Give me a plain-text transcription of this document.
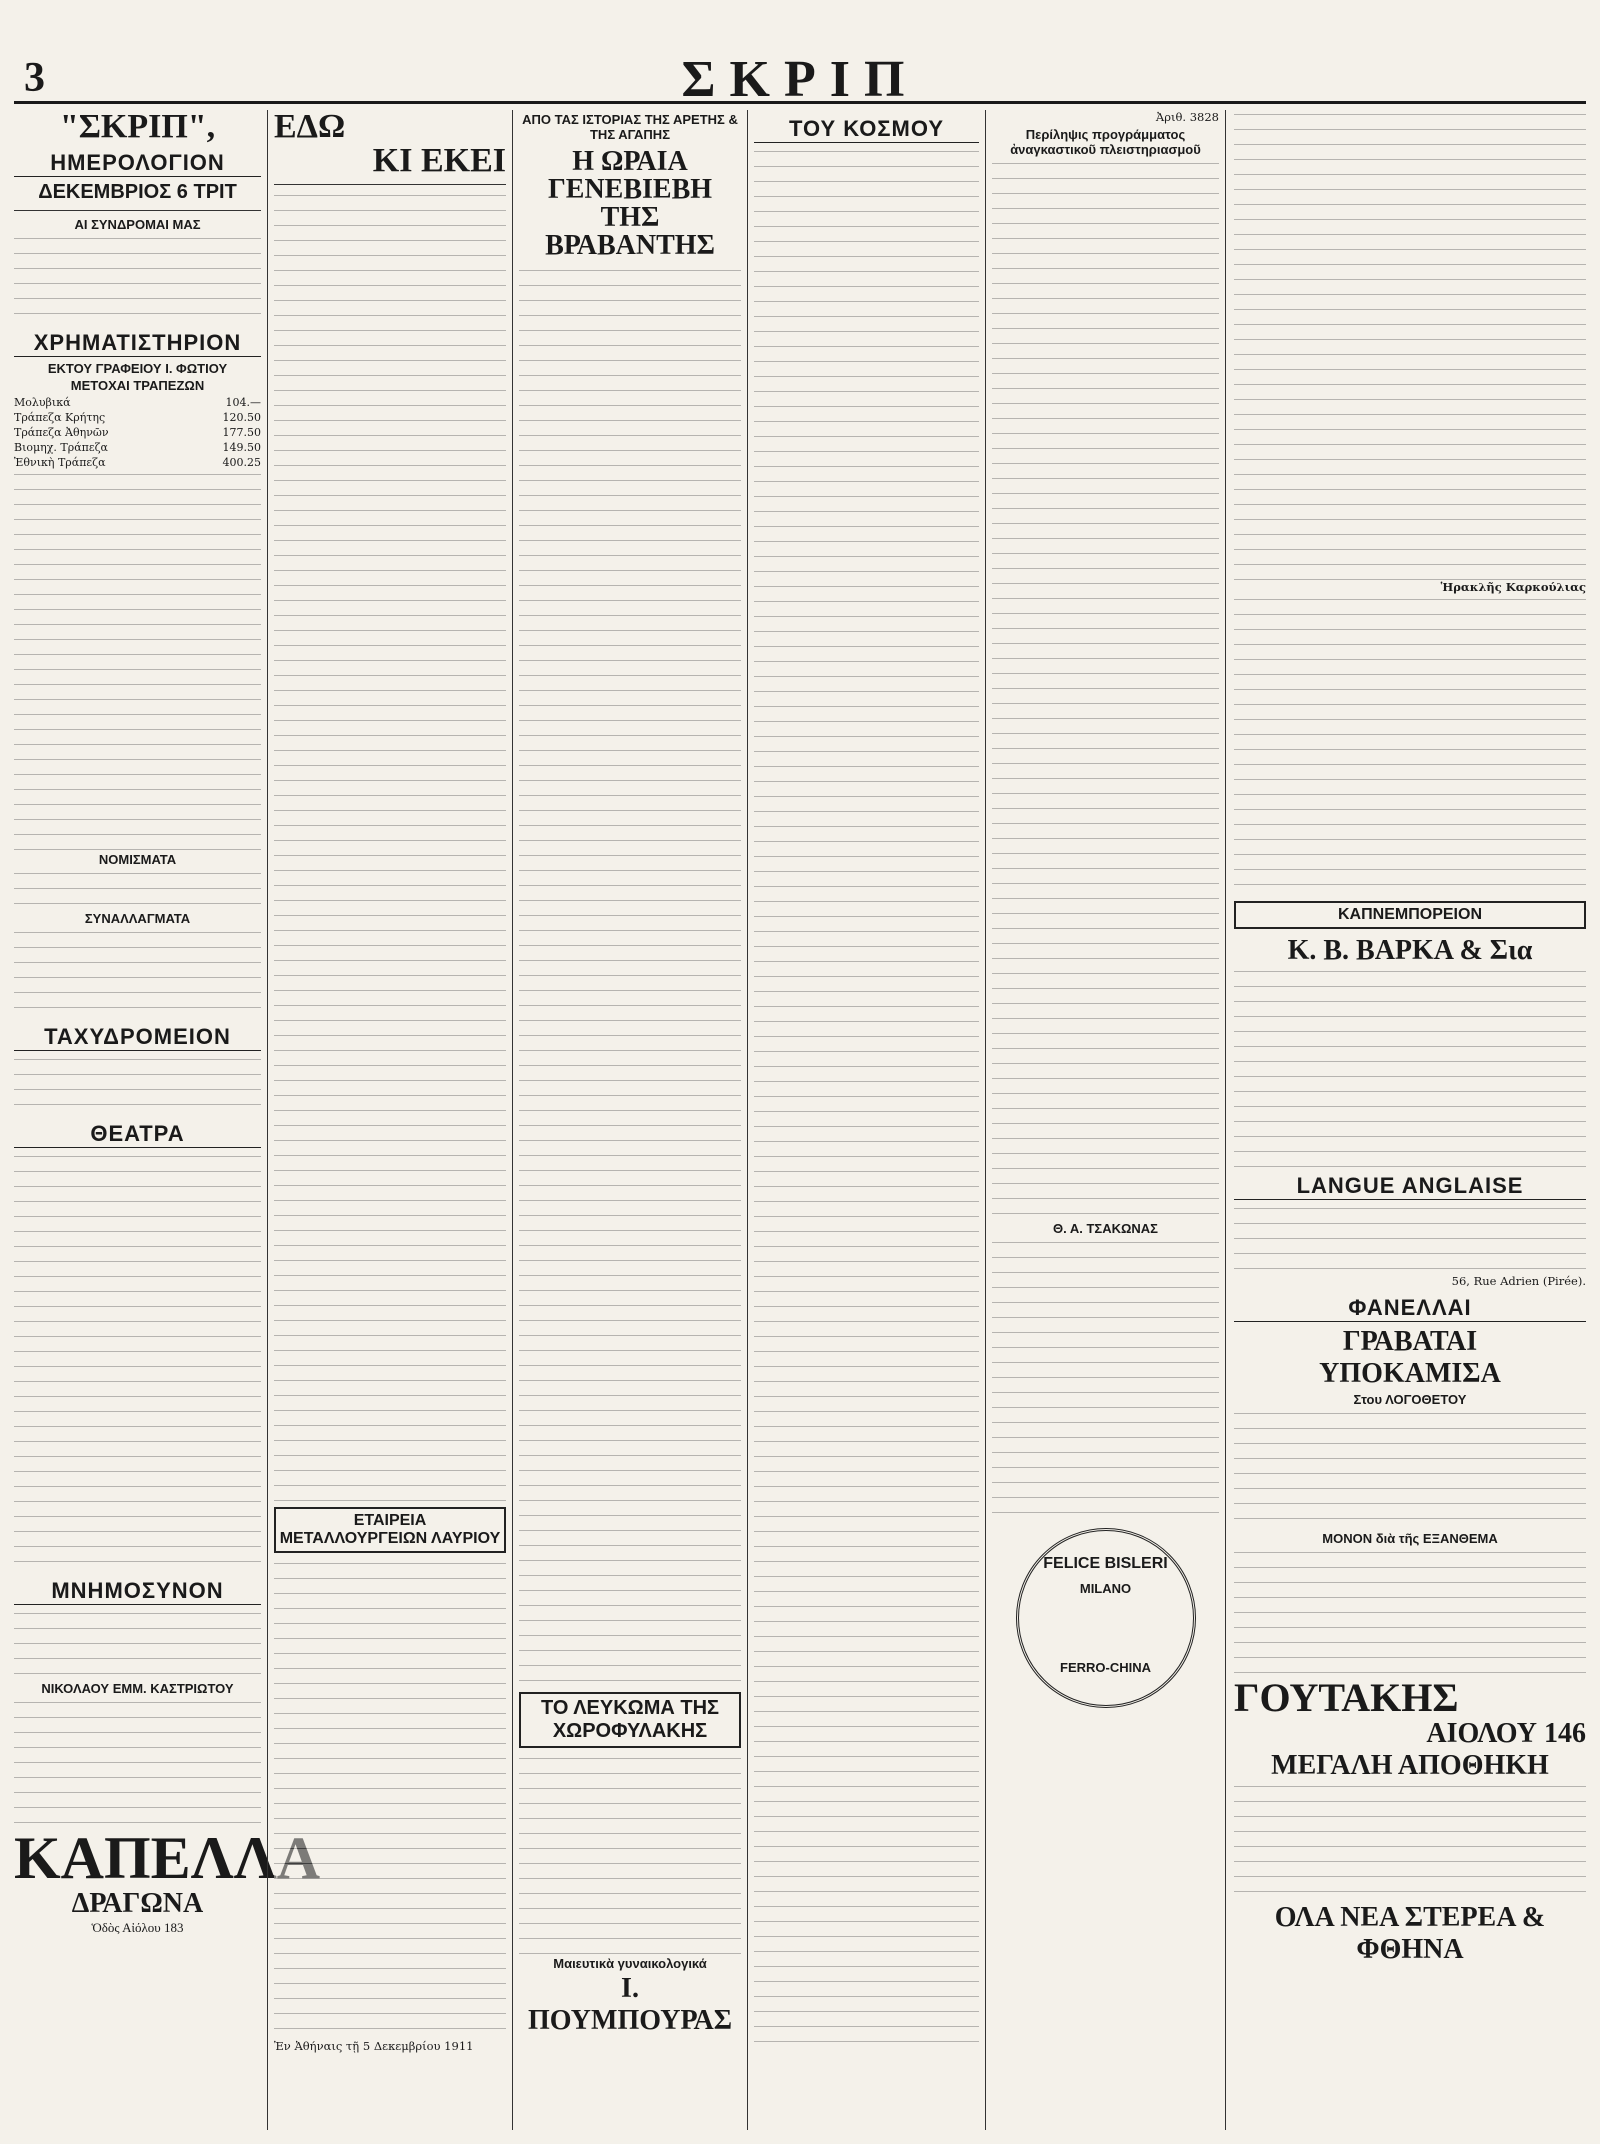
3	ΣΚΡΙΠ
"ΣΚΡΙΠ",
ΗΜΕΡΟΛΟΓΙΟΝ
ΔΕΚΕΜΒΡΙΟΣ 6 ΤΡΙΤ
ΑΙ ΣΥΝΔΡΟΜΑΙ ΜΑΣ
ΧΡΗΜΑΤΙΣΤΗΡΙΟΝ
ΕΚΤΟΥ ΓΡΑΦΕΙΟΥ Ι. ΦΩΤΙΟΥ
ΜΕΤΟΧΑΙ ΤΡΑΠΕΖΩΝ
Μολυβικά	104.—
Τράπεζα Κρήτης	120.50
Τράπεζα Ἀθηνῶν	177.50
Βιομηχ. Τράπεζα	149.50
Ἐθνικὴ Τράπεζα	400.25
ΝΟΜΙΣΜΑΤΑ
ΣΥΝΑΛΛΑΓΜΑΤΑ
ΤΑΧΥΔΡΟΜΕΙΟΝ
ΘΕΑΤΡΑ
ΜΝΗΜΟΣΥΝΟΝ
ΝΙΚΟΛΑΟΥ ΕΜΜ. ΚΑΣΤΡΙΩΤΟΥ
ΚΑΠΕΛΛΑ
ΔΡΑΓΩΝΑ
Ὁδὸς Αἰόλου 183
ΕΔΩ
ΚΙ ΕΚΕΙ
ΕΤΑΙΡΕΙΑ ΜΕΤΑΛΛΟΥΡΓΕΙΩΝ ΛΑΥΡΙΟΥ
Ἐν Ἀθήναις τῇ 5 Δεκεμβρίου 1911
ΑΠΟ ΤΑΣ ΙΣΤΟΡΙΑΣ ΤΗΣ ΑΡΕΤΗΣ & ΤΗΣ ΑΓΑΠΗΣ
Η ΩΡΑΙΑ ΓΕΝΕΒΙΕΒΗ ΤΗΣ ΒΡΑΒΑΝΤΗΣ
ΤΟ ΛΕΥΚΩΜΑ ΤΗΣ ΧΩΡΟΦΥΛΑΚΗΣ
Μαιευτικὰ γυναικολογικά
Ι. ΠΟΥΜΠΟΥΡΑΣ
ΤΟΥ ΚΟΣΜΟΥ	Ἀριθ. 3828
Περίληψις προγράμματος ἀναγκαστικοῦ πλειστηριασμοῦ
Θ. Α. ΤΣΑΚΩΝΑΣ
FELICE BISLERI
MILANO
FERRO-CHINA
Ἡρακλῆς Καρκούλιας
ΚΑΠΝΕΜΠΟΡΕΙΟΝ
Κ. Β. ΒΑΡΚΑ & Σια
LANGUE ANGLAISE
56, Rue Adrien (Pirée).
ΦΑΝΕΛΛΑΙ
ΓΡΑΒΑΤΑΙ
ΥΠΟΚΑΜΙΣΑ
Στου ΛΟΓΟΘΕΤΟΥ
ΜΟΝΟΝ διὰ τῆς ΕΞΑΝΘΕΜΑ
ΓΟΥΤΑΚΗΣ
ΑΙΟΛΟΥ 146
ΜΕΓΑΛΗ ΑΠΟΘΗΚΗ
ΟΛΑ ΝΕΑ ΣΤΕΡΕΑ & ΦΘΗΝΑ
